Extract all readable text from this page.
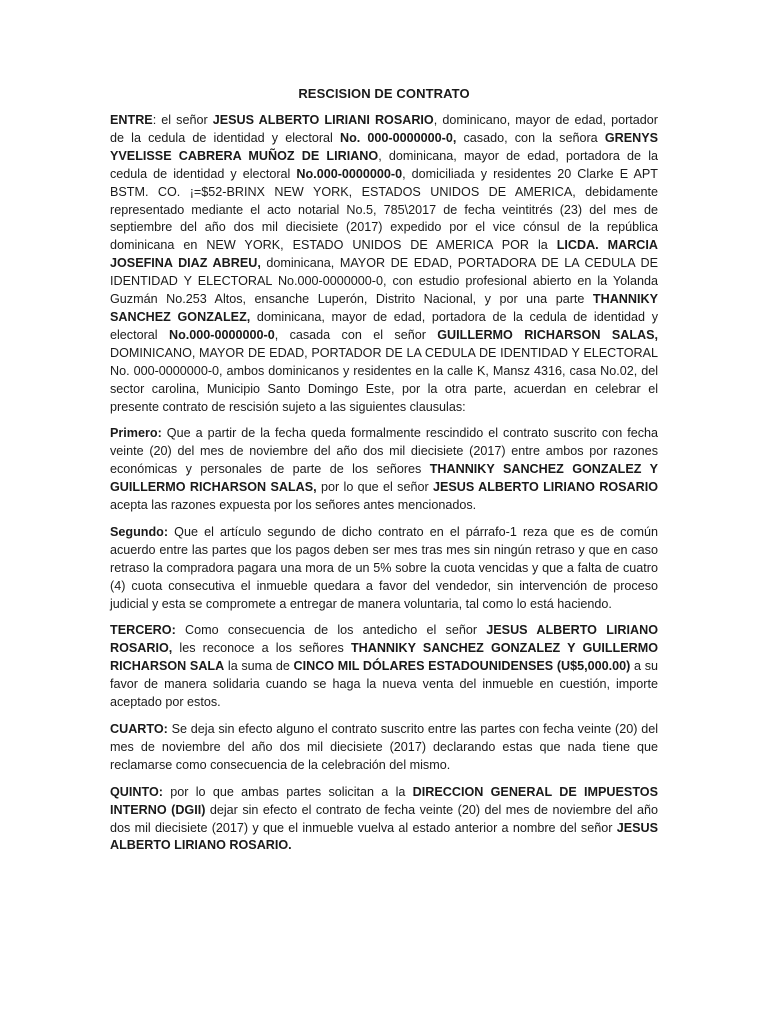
RESCISION DE CONTRATO

ENTRE: el señor JESUS ALBERTO LIRIANI ROSARIO, dominicano, mayor de edad, portador de la cedula de identidad y electoral No. 000-0000000-0, casado, con la señora GRENYS YVELISSE CABRERA MUÑOZ DE LIRIANO, dominicana, mayor de edad, portadora de la cedula de identidad y electoral No.000-0000000-0, domiciliada y residentes 20 Clarke E APT BSTM. CO. ¡=$52-BRINX NEW YORK, ESTADOS UNIDOS DE AMERICA, debidamente representado mediante el acto notarial No.5, 785\2017 de fecha veintitrés (23) del mes de septiembre del año dos mil diecisiete (2017) expedido por el vice cónsul de la república dominicana en NEW YORK, ESTADO UNIDOS DE AMERICA POR la LICDA. MARCIA JOSEFINA DIAZ ABREU, dominicana, MAYOR DE EDAD, PORTADORA DE LA CEDULA DE IDENTIDAD Y ELECTORAL No.000-0000000-0, con estudio profesional abierto en la Yolanda Guzmán No.253 Altos, ensanche Luperón, Distrito Nacional, y por una parte THANNIKY SANCHEZ GONZALEZ, dominicana, mayor de edad, portadora de la cedula de identidad y electoral No.000-0000000-0, casada con el señor GUILLERMO RICHARSON SALAS, DOMINICANO, MAYOR DE EDAD, PORTADOR DE LA CEDULA DE IDENTIDAD Y ELECTORAL No. 000-0000000-0, ambos dominicanos y residentes en la calle K, Mansz 4316, casa No.02, del sector carolina, Municipio Santo Domingo Este, por la otra parte, acuerdan en celebrar el presente contrato de rescisión sujeto a las siguientes clausulas:

Primero: Que a partir de la fecha queda formalmente rescindido el contrato suscrito con fecha veinte (20) del mes de noviembre del año dos mil diecisiete (2017) entre ambos por razones económicas y personales de parte de los señores THANNIKY SANCHEZ GONZALEZ Y GUILLERMO RICHARSON SALAS, por lo que el señor JESUS ALBERTO LIRIANO ROSARIO acepta las razones expuesta por los señores antes mencionados.

Segundo: Que el artículo segundo de dicho contrato en el párrafo-1 reza que es de común acuerdo entre las partes que los pagos deben ser mes tras mes sin ningún retraso y que en caso retraso la compradora pagara una mora de un 5% sobre la cuota vencidas y que a falta de cuatro (4) cuota consecutiva el inmueble quedara a favor del vendedor, sin intervención de proceso judicial y esta se compromete a entregar de manera voluntaria, tal como lo está haciendo.

TERCERO: Como consecuencia de los antedicho el señor JESUS ALBERTO LIRIANO ROSARIO, les reconoce a los señores THANNIKY SANCHEZ GONZALEZ Y GUILLERMO RICHARSON SALA la suma de CINCO MIL DÓLARES ESTADOUNIDENSES (U$5,000.00) a su favor de manera solidaria cuando se haga la nueva venta del inmueble en cuestión, importe aceptado por estos.

CUARTO: Se deja sin efecto alguno el contrato suscrito entre las partes con fecha veinte (20) del mes de noviembre del año dos mil diecisiete (2017) declarando estas que nada tiene que reclamarse como consecuencia de la celebración del mismo.

QUINTO: por lo que ambas partes solicitan a la DIRECCION GENERAL DE IMPUESTOS INTERNO (DGII) dejar sin efecto el contrato de fecha veinte (20) del mes de noviembre del año dos mil diecisiete (2017) y que el inmueble vuelva al estado anterior a nombre del señor JESUS ALBERTO LIRIANO ROSARIO.
